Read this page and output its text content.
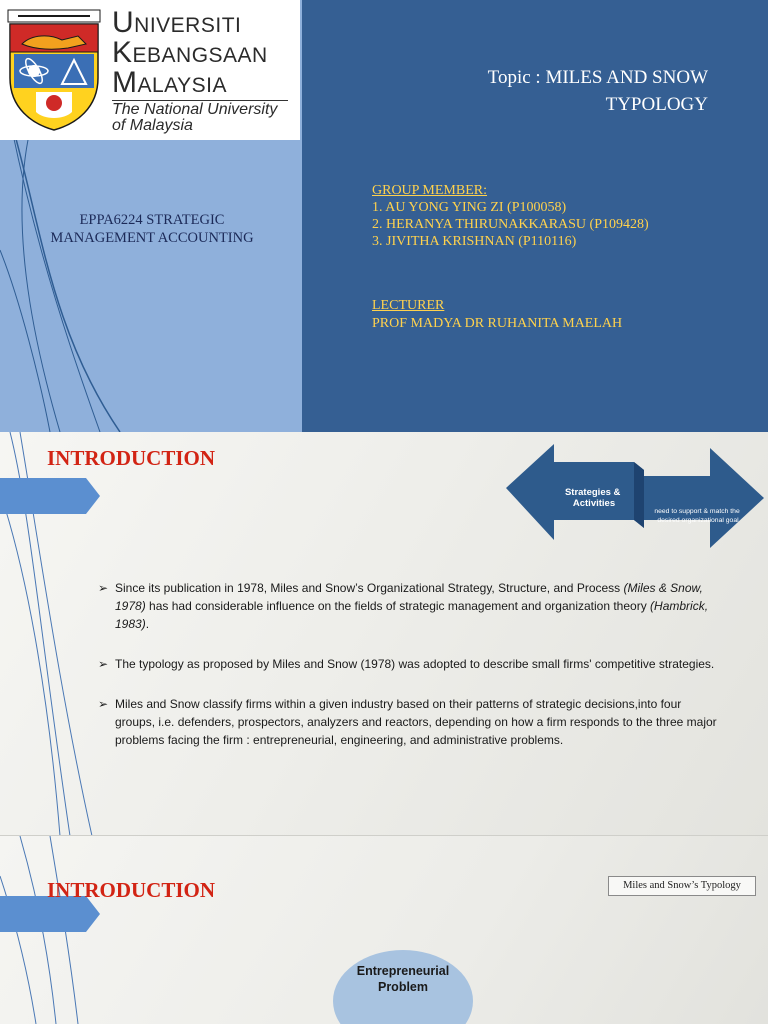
UNIVERSITI
KEBANGSAAN
MALAYSIA
The National University
of Malaysia
EPPA6224 STRATEGIC
MANAGEMENT ACCOUNTING
Topic : MILES AND SNOW
TYPOLOGY
GROUP MEMBER:
1. AU YONG YING ZI (P100058)
2. HERANYA THIRUNAKKARASU (P109428)
3. JIVITHA KRISHNAN (P110116)
LECTURER
PROF MADYA DR RUHANITA MAELAH
INTRODUCTION
Strategies & Activities
need to support & match the desired organizational goal
➢ Since its publication in 1978, Miles and Snow’s Organizational Strategy, Structure, and Process (Miles & Snow, 1978) has had considerable influence on the fields of strategic management and organization theory (Hambrick, 1983).
➢ The typology as proposed by Miles and Snow (1978) was adopted to describe small firms' competitive strategies.
➢ Miles and Snow classify firms within a given industry based on their patterns of strategic decisions,into four groups, i.e. defenders, prospectors, analyzers and reactors, depending on how a firm responds to the three major problems facing the firm : entrepreneurial, engineering, and administrative problems.
INTRODUCTION	Miles and Snow’s Typology
Entrepreneurial
Problem
